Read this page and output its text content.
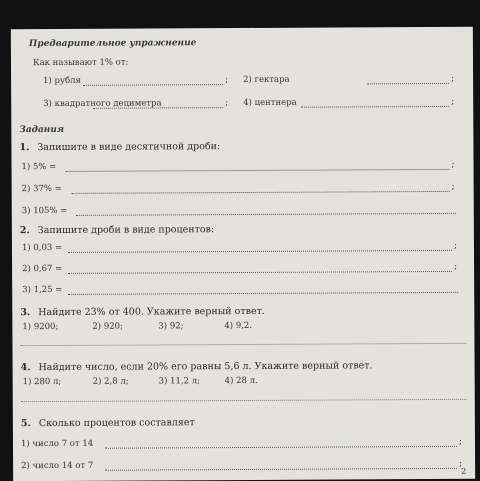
Предварительное упражнение
Как называют 1% от:
1) рубля	; 2) гектара	;
3) квадратного дециметра	; 4) центнера	;
Задания
1. Запишите в виде десятичной дроби:
1) 5% =	;
2) 37% =	;
3) 105% =
2. Запишите дроби в виде процентов:
1) 0,03 =	;
2) 0,67 =	;
3) 1,25 =
3. Найдите 23% от 400. Укажите верный ответ.
1) 9200;	2) 920;	3) 92;	4) 9,2.
4. Найдите число, если 20% его равны 5,6 л. Укажите верный ответ.
1) 280 л;	2) 2,8 л;	3) 11,2 л;	4) 28 л.
5. Сколько процентов составляет
1) число 7 от 14	;
2) число 14 от 7	;
2
